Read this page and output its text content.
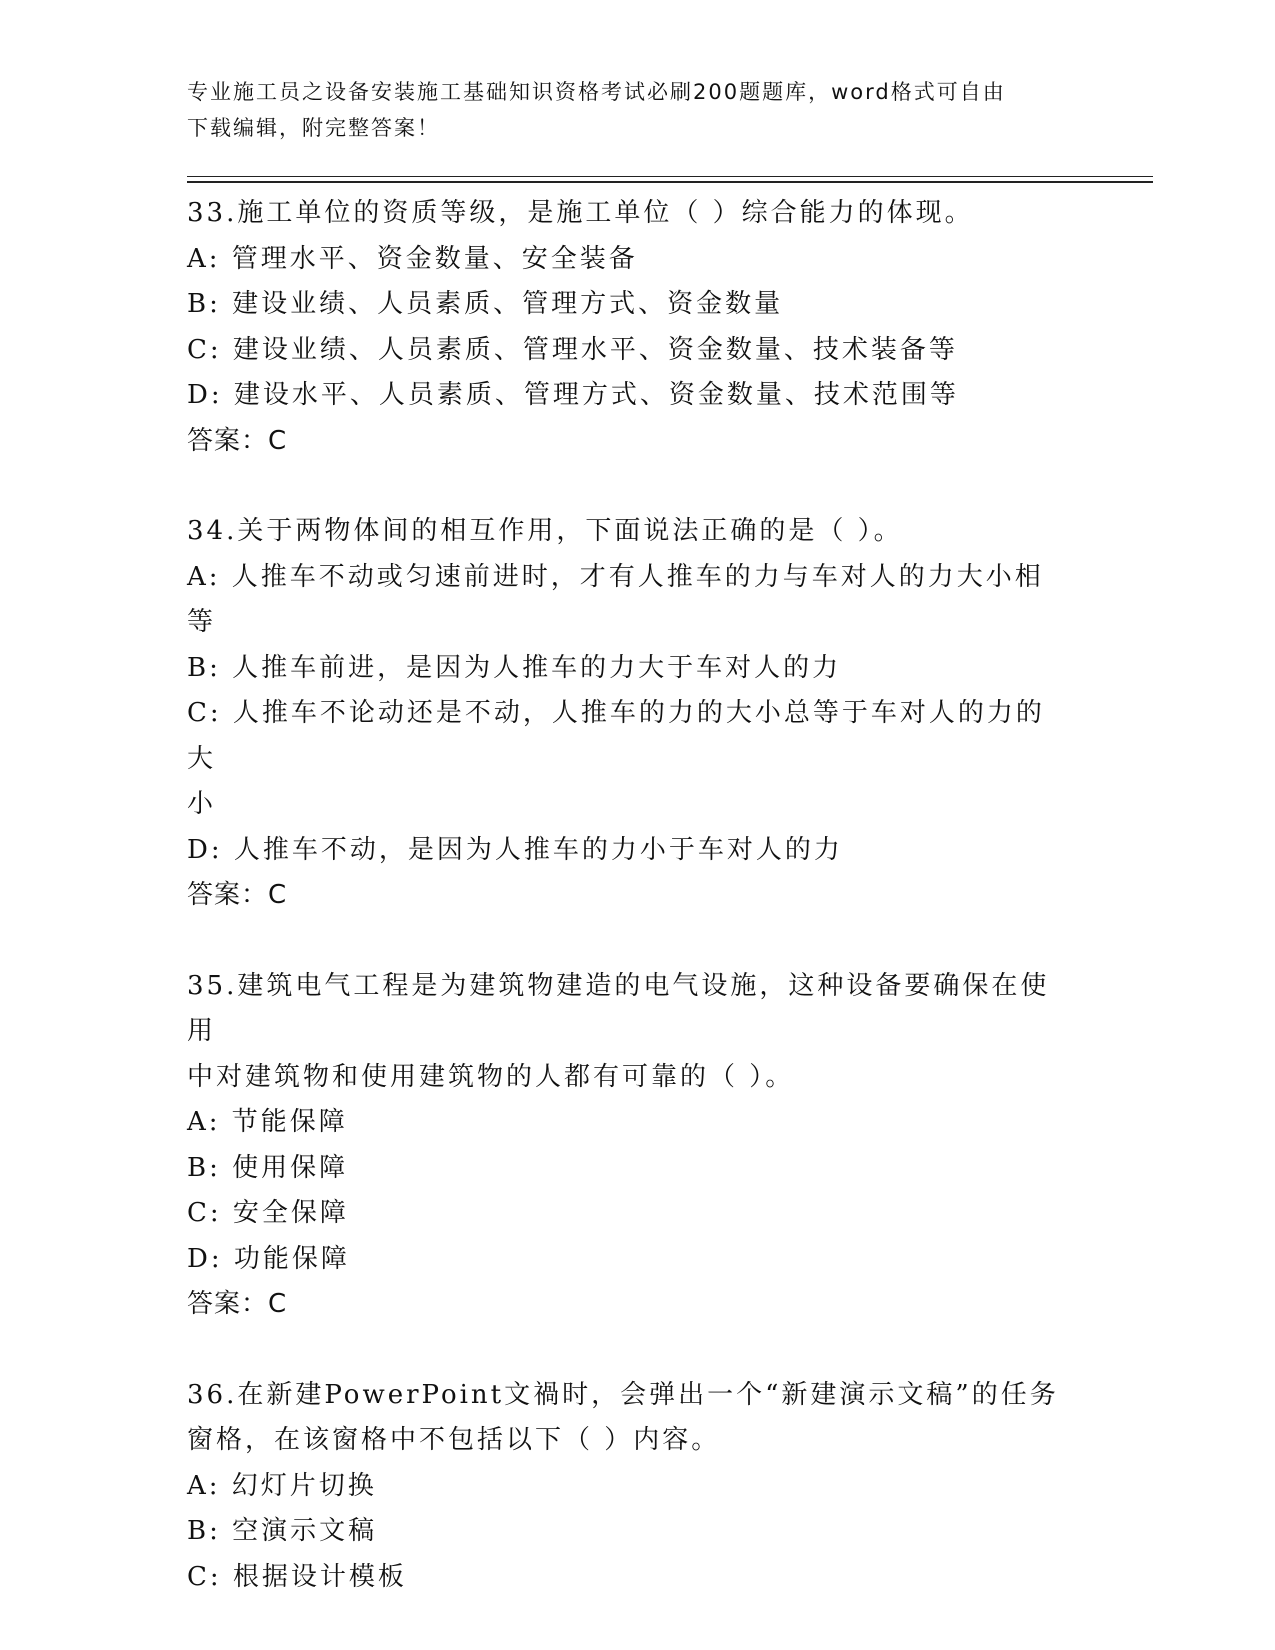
专业施工员之设备安装施工基础知识资格考试必刷200题题库，word格式可自由
下载编辑，附完整答案！
33.施工单位的资质等级，是施工单位（ ）综合能力的体现。
A: 管理水平、资金数量、安全装备
B: 建设业绩、人员素质、管理方式、资金数量
C: 建设业绩、人员素质、管理水平、资金数量、技术装备等
D: 建设水平、人员素质、管理方式、资金数量、技术范围等
答案：C
34.关于两物体间的相互作用，下面说法正确的是（ ）。
A: 人推车不动或匀速前进时，才有人推车的力与车对人的力大小相等
B: 人推车前进，是因为人推车的力大于车对人的力
C: 人推车不论动还是不动，人推车的力的大小总等于车对人的力的大
小
D: 人推车不动，是因为人推车的力小于车对人的力
答案：C
35.建筑电气工程是为建筑物建造的电气设施，这种设备要确保在使用
中对建筑物和使用建筑物的人都有可靠的（ ）。
A: 节能保障
B: 使用保障
C: 安全保障
D: 功能保障
答案：C
36.在新建PowerPoint文禍时，会弹出一个“新建演示文稿”的任务
窗格，在该窗格中不包括以下（ ）内容。
A: 幻灯片切换
B: 空演示文稿
C: 根据设计模板
